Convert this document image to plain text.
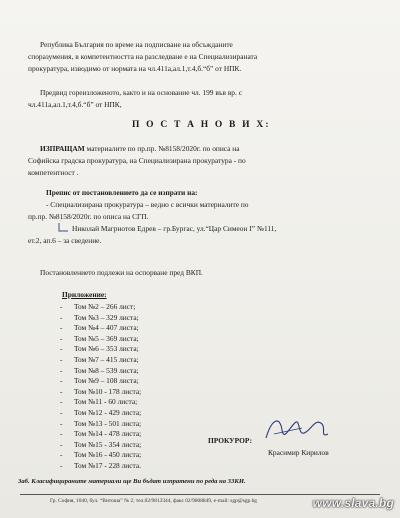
Република България по време на подписване на обсъжданите
споразумения, в компетентността на разследване е на Специализираната
прокуратура, изводимо от нормата на чл.411а,ал.1,т.4,б.“б” от НПК.
Предвид гореизложеното, както и на основание чл. 199 във вр. с
чл.411а,ал.1,т.4,б.“б” от НПК,
П О С Т А Н О В И Х:
ИЗПРАЩАМ материалите по пр.пр. №8158/2020г. по описа на
Софийска градска прокуратура, на Специализирана прокуратура - по
компетентност .
Препис от постановлението да се изпрати на:
- Специализирана прокуратура – ведно с всички материалите по
пр.пр. №8158/2020г. по описа на СГП.
Николай Магрнотов Едрев – гр.Бургас, ул.“Цар Симеон I” №111,
ет.2, ап.6 – за сведение.
Постановлението подлежи на оспорване пред ВКП.
Приложение:
- Том №2 – 266 лист;
- Том №3 – 329 листа;
- Том №4 – 407 листа;
- Том №5 – 369 листа;
- Том №6 – 353 листа;
- Том №7 – 415 листа;
- Том №8 – 539 листа;
- Том №9 – 108 листа;
- Том №10 - 178 листа;
- Том №11 - 60 листа;
- Том №12 - 429 листа;
- Том №13 - 501 листа;
- Том №14 - 478 листа;
- Том №15 - 354 листа;
- Том №16 - 450 листа;
- Том №17 - 228 листа.
ПРОКУРОР:
Красимир Кирилов
Заб. Класифицираните материали ще Ви бъдат изпратени по реда на ЗЗКИ.
Гр. София, 1040, бул. “Витоша” № 2, тел.02/9813344, факс 02/9808849, e-mail: sgp@sgp.bg	www.slava.bg
